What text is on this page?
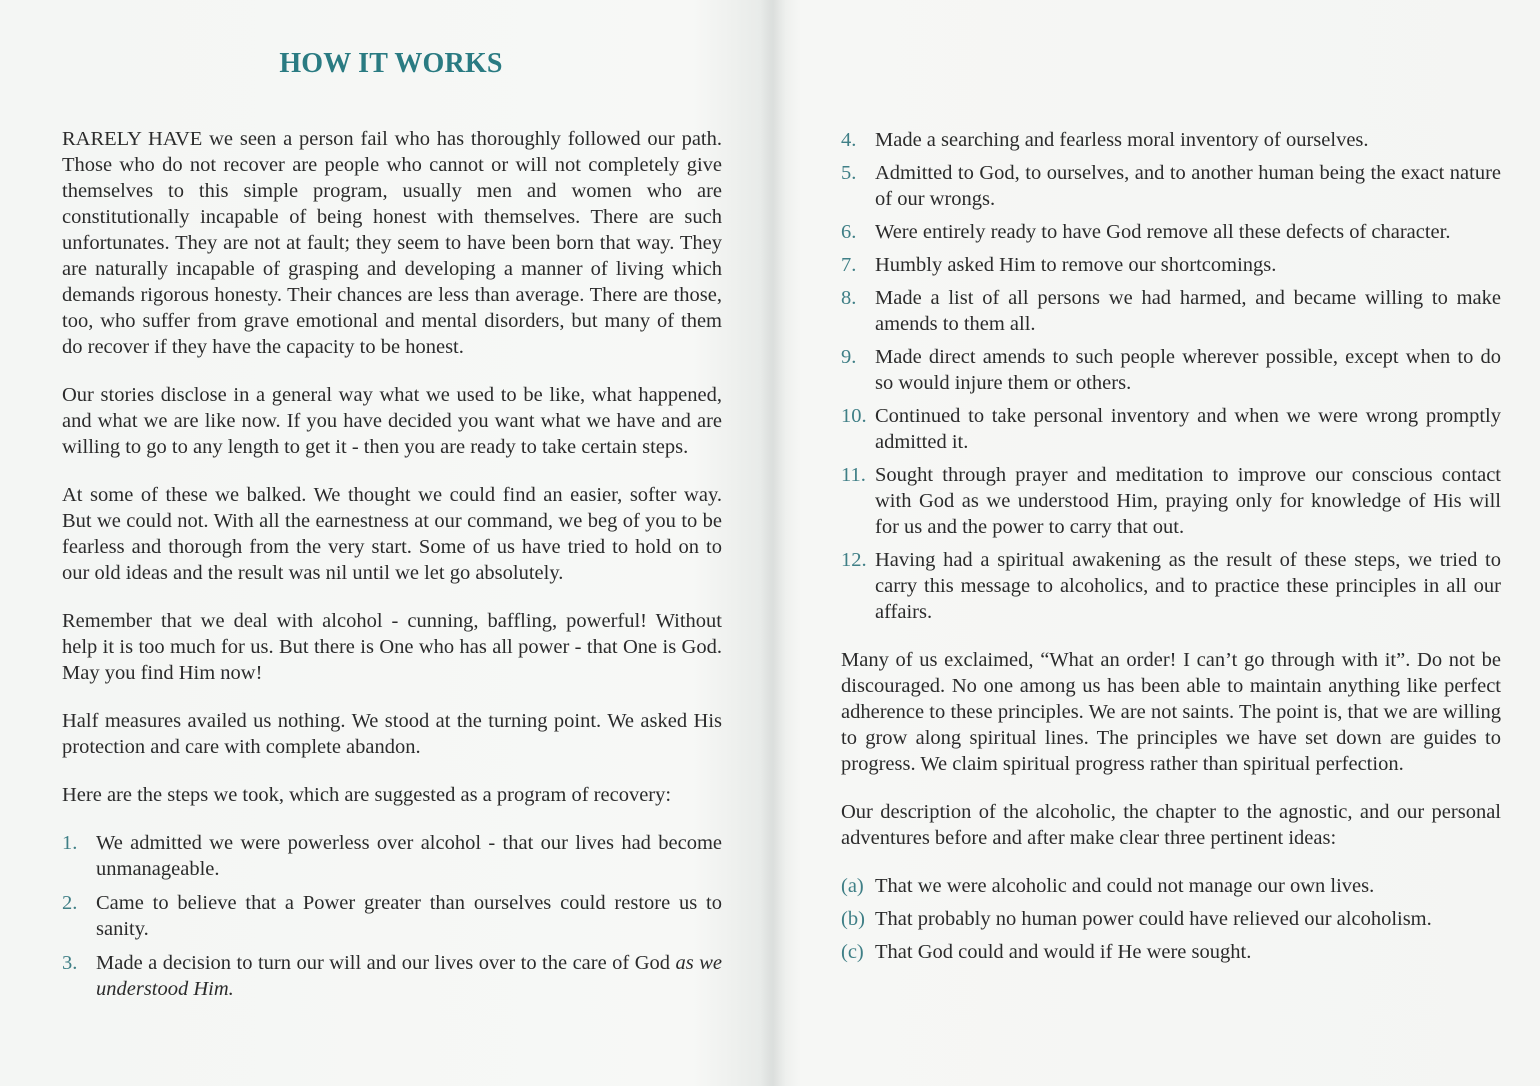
HOW IT WORKS

RARELY HAVE we seen a person fail who has thoroughly followed our path. Those who do not recover are people who cannot or will not completely give themselves to this simple program, usually men and women who are constitutionally incapable of being honest with themselves. There are such unfortunates. They are not at fault; they seem to have been born that way. They are naturally incapable of grasping and developing a manner of living which demands rigorous honesty. Their chances are less than average. There are those, too, who suffer from grave emotional and mental disorders, but many of them do recover if they have the capacity to be honest.

Our stories disclose in a general way what we used to be like, what happened, and what we are like now. If you have decided you want what we have and are willing to go to any length to get it - then you are ready to take certain steps.

At some of these we balked. We thought we could find an easier, softer way. But we could not. With all the earnestness at our command, we beg of you to be fearless and thorough from the very start. Some of us have tried to hold on to our old ideas and the result was nil until we let go absolutely.

Remember that we deal with alcohol - cunning, baffling, powerful! Without help it is too much for us. But there is One who has all power - that One is God. May you find Him now!

Half measures availed us nothing. We stood at the turning point. We asked His protection and care with complete abandon.

Here are the steps we took, which are suggested as a program of recovery:

1. We admitted we were powerless over alcohol - that our lives had become unmanageable.
2. Came to believe that a Power greater than ourselves could restore us to sanity.
3. Made a decision to turn our will and our lives over to the care of God as we understood Him.
4. Made a searching and fearless moral inventory of ourselves.
5. Admitted to God, to ourselves, and to another human being the exact nature of our wrongs.
6. Were entirely ready to have God remove all these defects of character.
7. Humbly asked Him to remove our shortcomings.
8. Made a list of all persons we had harmed, and became willing to make amends to them all.
9. Made direct amends to such people wherever possible, except when to do so would injure them or others.
10. Continued to take personal inventory and when we were wrong promptly admitted it.
11. Sought through prayer and meditation to improve our conscious contact with God as we understood Him, praying only for knowledge of His will for us and the power to carry that out.
12. Having had a spiritual awakening as the result of these steps, we tried to carry this message to alcoholics, and to practice these principles in all our affairs.

Many of us exclaimed, “What an order! I can’t go through with it”. Do not be discouraged. No one among us has been able to maintain anything like perfect adherence to these principles. We are not saints. The point is, that we are willing to grow along spiritual lines. The principles we have set down are guides to progress. We claim spiritual progress rather than spiritual perfection.

Our description of the alcoholic, the chapter to the agnostic, and our personal adventures before and after make clear three pertinent ideas:

(a) That we were alcoholic and could not manage our own lives.
(b) That probably no human power could have relieved our alcoholism.
(c) That God could and would if He were sought.
